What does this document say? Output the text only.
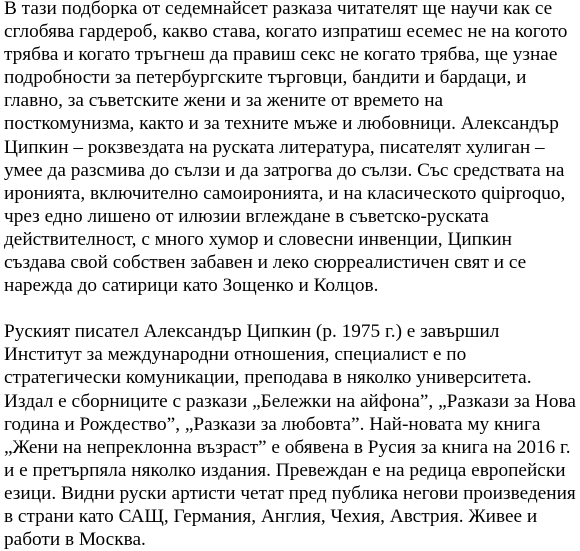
В тази подборка от седемнайсет разказа читателят ще научи как се сглобява гардероб, какво става, когато изпратиш есемес не на когото трябва и когато тръгнеш да правиш секс не когато трябва, ще узнае подробности за петербургските търговци, бандити и бардаци, и главно, за съветските жени и за жените от времето на посткомунизма, както и за техните мъже и любовници. Александър Ципкин – рокзвездата на руската литература, писателят хулиган – умее да разсмива до сълзи и да затрогва до сълзи. Със средствата на иронията, включително самоиронията, и на класическото quiproquo, чрез едно лишено от илюзии вглеждане в съветско-руската действителност, с много хумор и словесни инвенции, Ципкин създава свой собствен забавен и леко сюрреалистичен свят и се нарежда до сатирици като Зощенко и Колцов.

Руският писател Александър Ципкин (р. 1975 г.) е завършил Институт за международни отношения, специалист е по стратегически комуникации, преподава в няколко университета. Издал е сборниците с разкази „Бележки на айфона”, „Разкази за Нова година и Рождество”, „Разкази за любовта”. Най-новата му книга „Жени на непреклонна възраст” е обявена в Русия за книга на 2016 г. и е претърпяла няколко издания. Превеждан е на редица европейски езици. Видни руски артисти четат пред публика негови произведения в страни като САЩ, Германия, Англия, Чехия, Австрия. Живее и работи в Москва.
